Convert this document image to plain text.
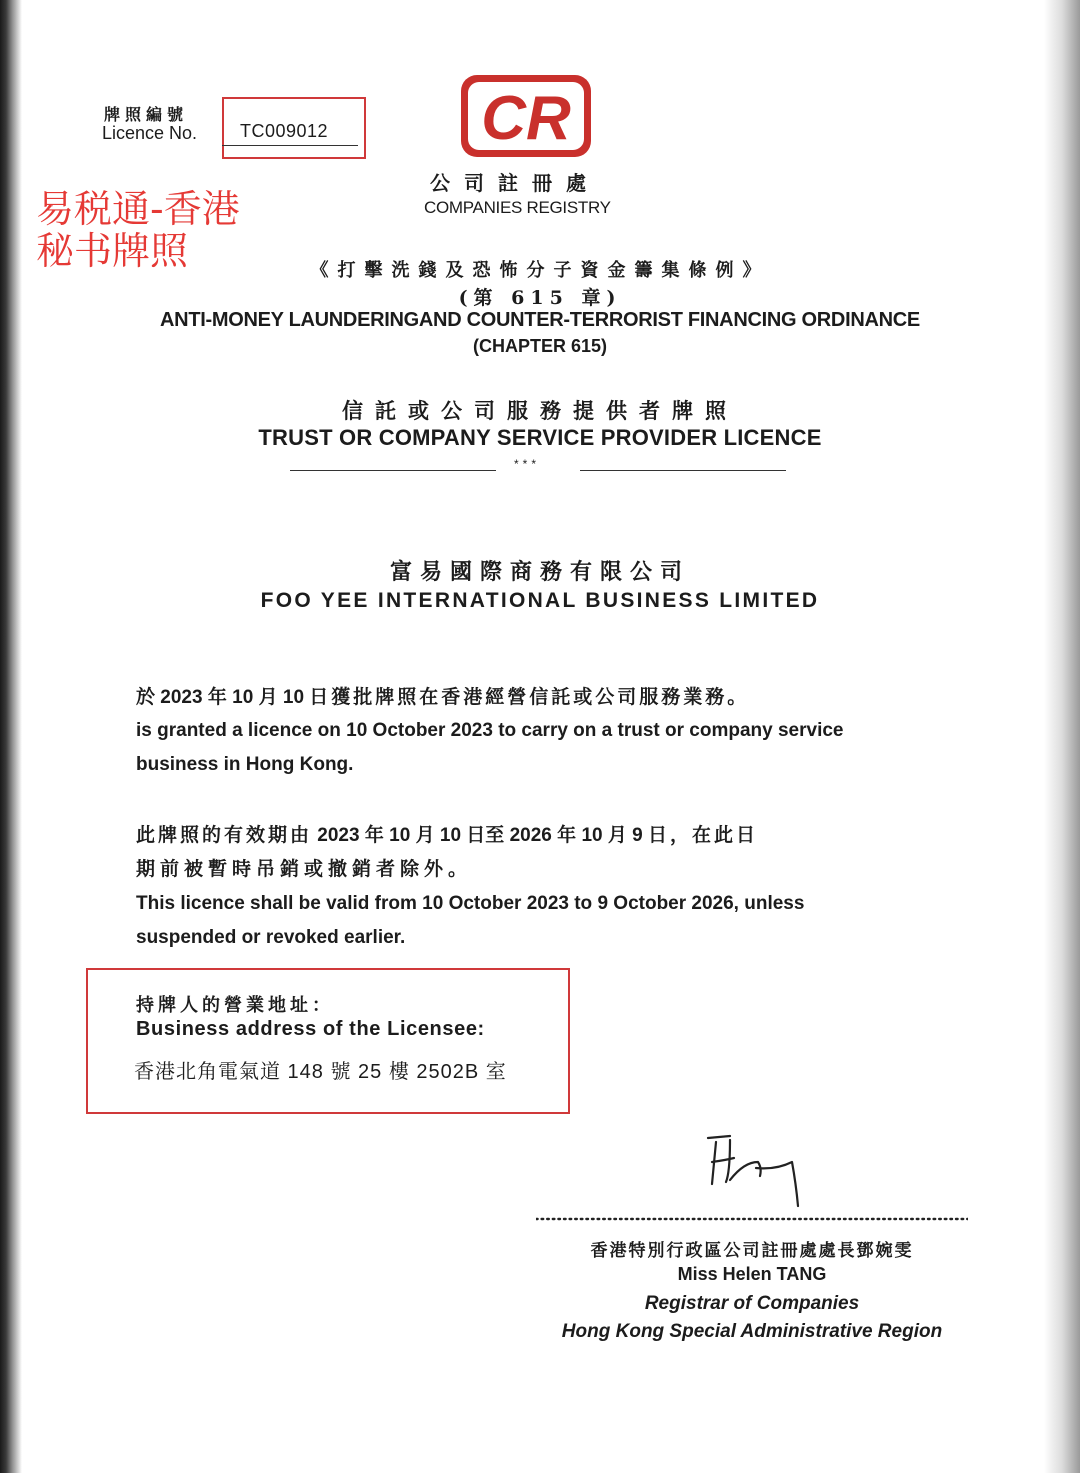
牌照編號
Licence No. TC009012
易税通-香港
秘书牌照
CR
公司註冊處
COMPANIES REGISTRY
《打擊洗錢及恐怖分子資金籌集條例》
(第 615 章)
ANTI-MONEY LAUNDERINGAND COUNTER-TERRORIST FINANCING ORDINANCE
(CHAPTER 615)
信託或公司服務提供者牌照
TRUST OR COMPANY SERVICE PROVIDER LICENCE
***
富易國際商務有限公司
FOO YEE INTERNATIONAL BUSINESS LIMITED
於 2023 年 10 月 10 日獲批牌照在香港經營信託或公司服務業務。
is granted a licence on 10 October 2023 to carry on a trust or company service
business in Hong Kong.
此牌照的有效期由 2023 年 10 月 10 日至 2026 年 10 月 9 日，在此日
期前被暫時吊銷或撤銷者除外。
This licence shall be valid from 10 October 2023 to 9 October 2026, unless
suspended or revoked earlier.
持牌人的營業地址：
Business address of the Licensee:
香港北角電氣道 148 號 25 樓 2502B 室
香港特別行政區公司註冊處處長鄧婉雯
Miss Helen TANG
Registrar of Companies
Hong Kong Special Administrative Region
